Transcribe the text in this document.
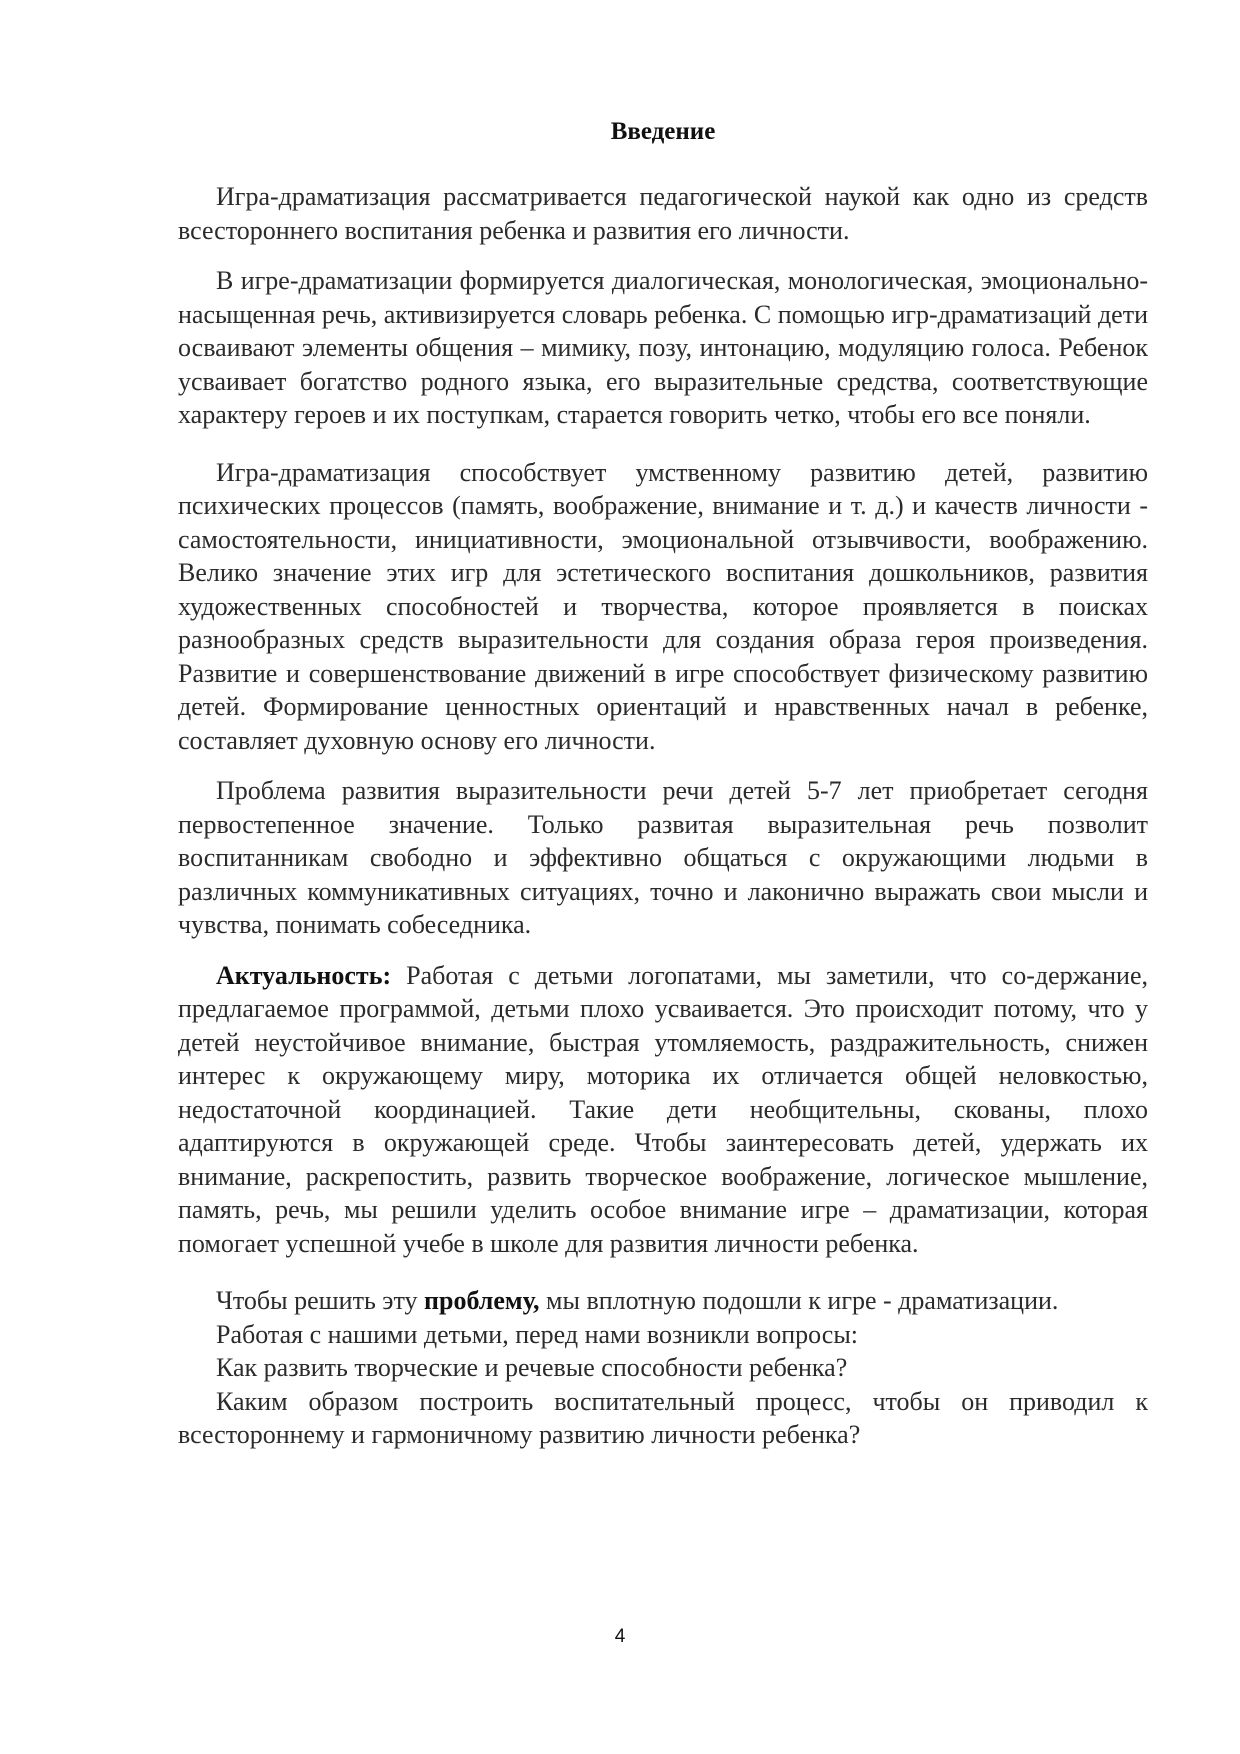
Введение

Игра-драматизация рассматривается педагогической наукой как одно из средств всестороннего воспитания ребенка и развития его личности.

В игре-драматизации формируется диалогическая, монологическая, эмоционально-насыщенная речь, активизируется словарь ребенка. С помощью игр-драматизаций дети осваивают элементы общения – мимику, позу, интонацию, модуляцию голоса. Ребенок усваивает богатство родного языка, его выразительные средства, соответствующие характеру героев и их поступкам, старается говорить четко, чтобы его все поняли.

Игра-драматизация способствует умственному развитию детей, развитию психических процессов (память, воображение, внимание и т. д.) и качеств личности - самостоятельности, инициативности, эмоциональной отзывчивости, воображению. Велико значение этих игр для эстетического воспитания дошкольников, развития художественных способностей и творчества, которое проявляется в поисках разнообразных средств выразительности для создания образа героя произведения. Развитие и совершенствование движений в игре способствует физическому развитию детей. Формирование ценностных ориентаций и нравственных начал в ребенке, составляет духовную основу его личности.

Проблема развития выразительности речи детей 5-7 лет приобретает сегодня первостепенное значение. Только развитая выразительная речь позволит воспитанникам свободно и эффективно общаться с окружающими людьми в различных коммуникативных ситуациях, точно и лаконично выражать свои мысли и чувства, понимать собеседника.

Актуальность: Работая с детьми логопатами, мы заметили, что со-держание, предлагаемое программой, детьми плохо усваивается. Это происходит потому, что у детей неустойчивое внимание, быстрая утомляемость, раздражительность, снижен интерес к окружающему миру, моторика их отличается общей неловкостью, недостаточной координацией. Такие дети необщительны, скованы, плохо адаптируются в окружающей среде. Чтобы заинтересовать детей, удержать их внимание, раскрепостить, развить творческое воображение, логическое мышление, память, речь, мы решили уделить особое внимание игре – драматизации, которая помогает успешной учебе в школе для развития личности ребенка.

Чтобы решить эту проблему, мы вплотную подошли к игре - драматизации.

Работая с нашими детьми, перед нами возникли вопросы:

Как развить творческие и речевые способности ребенка?

Каким образом построить воспитательный процесс, чтобы он приводил к всестороннему и гармоничному развитию личности ребенка?

4
